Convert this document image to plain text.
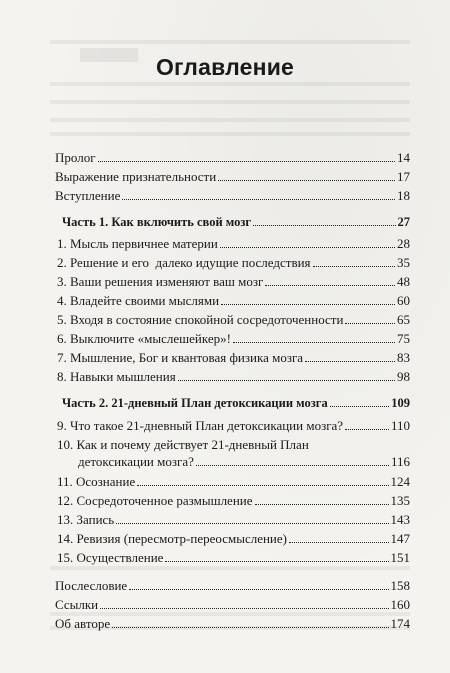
Оглавление
Пролог	14
Выражение признательности	17
Вступление	18
Часть 1. Как включить свой мозг	27
1. Мысль первичнее материи	28
2. Решение и его  далеко идущие последствия	35
3. Ваши решения изменяют ваш мозг	48
4. Владейте своими мыслями	60
5. Входя в состояние спокойной сосредоточенности	65
6. Выключите «мыслешейкер»!	75
7. Мышление, Бог и квантовая физика мозга	83
8. Навыки мышления	98
Часть 2. 21-дневный План детоксикации мозга	109
9. Что такое 21-дневный План детоксикации мозга?	110
10. Как и почему действует 21-дневный План
детоксикации мозга?	116
11. Осознание	124
12. Сосредоточенное размышление	135
13. Запись	143
14. Ревизия (пересмотр-переосмысление)	147
15. Осуществление	151
Послесловие	158
Ссылки	160
Об авторе	174
